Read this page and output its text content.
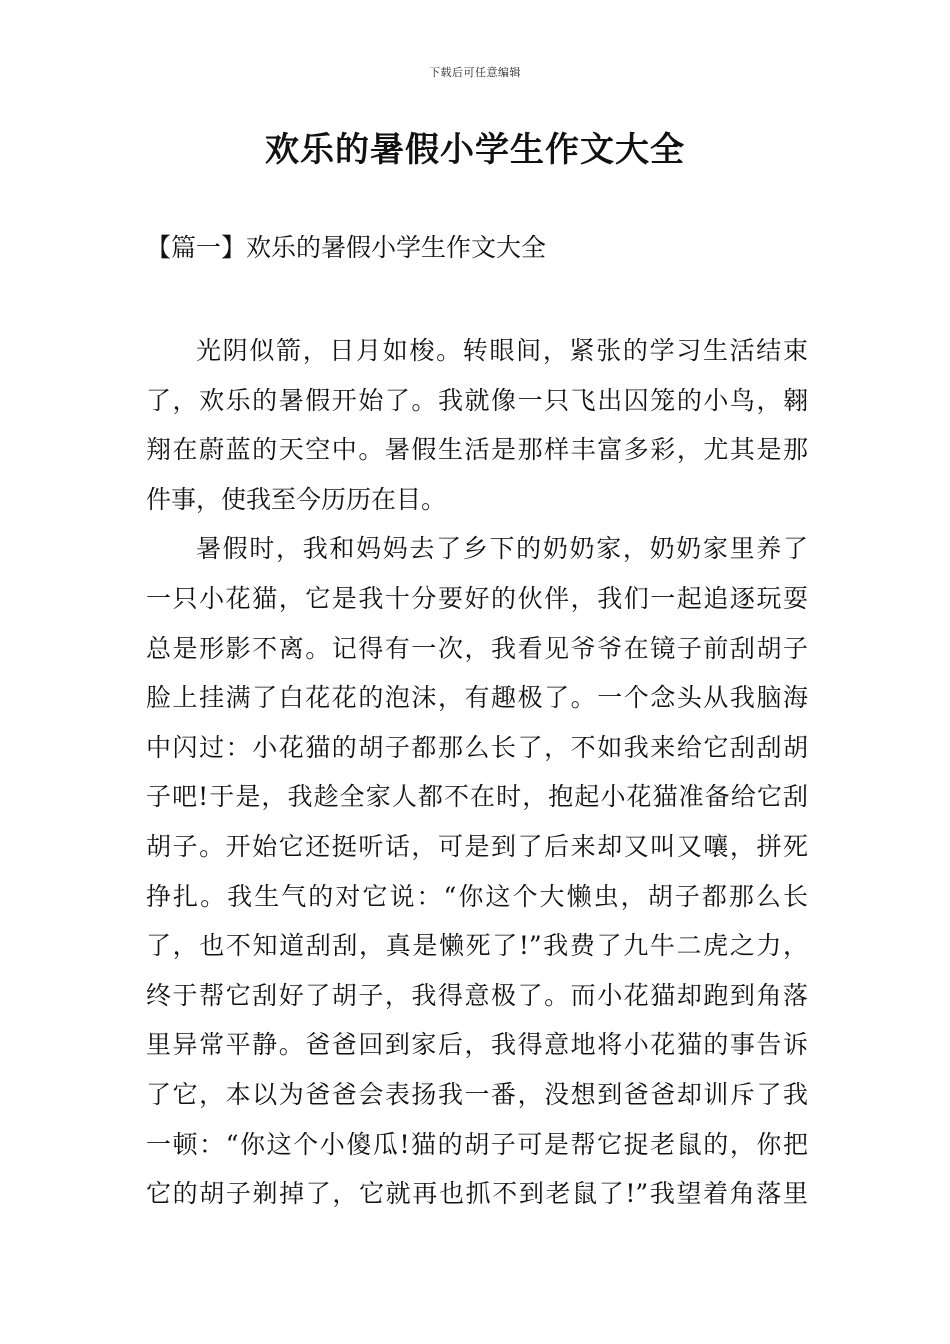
下载后可任意编辑
欢乐的暑假小学生作文大全
【篇一】欢乐的暑假小学生作文大全
光阴似箭，日月如梭。转眼间，紧张的学习生活结束
了，欢乐的暑假开始了。我就像一只飞出囚笼的小鸟，翱
翔在蔚蓝的天空中。暑假生活是那样丰富多彩，尤其是那
件事，使我至今历历在目。
暑假时，我和妈妈去了乡下的奶奶家，奶奶家里养了
一只小花猫，它是我十分要好的伙伴，我们一起追逐玩耍
总是形影不离。记得有一次，我看见爷爷在镜子前刮胡子
脸上挂满了白花花的泡沫，有趣极了。一个念头从我脑海
中闪过：小花猫的胡子都那么长了，不如我来给它刮刮胡
子吧!于是，我趁全家人都不在时，抱起小花猫准备给它刮
胡子。开始它还挺听话，可是到了后来却又叫又嚷，拼死
挣扎。我生气的对它说：“你这个大懒虫，胡子都那么长
了，也不知道刮刮，真是懒死了!”我费了九牛二虎之力，
终于帮它刮好了胡子，我得意极了。而小花猫却跑到角落
里异常平静。爸爸回到家后，我得意地将小花猫的事告诉
了它，本以为爸爸会表扬我一番，没想到爸爸却训斥了我
一顿：“你这个小傻瓜!猫的胡子可是帮它捉老鼠的，你把
它的胡子剃掉了，它就再也抓不到老鼠了!”我望着角落里
